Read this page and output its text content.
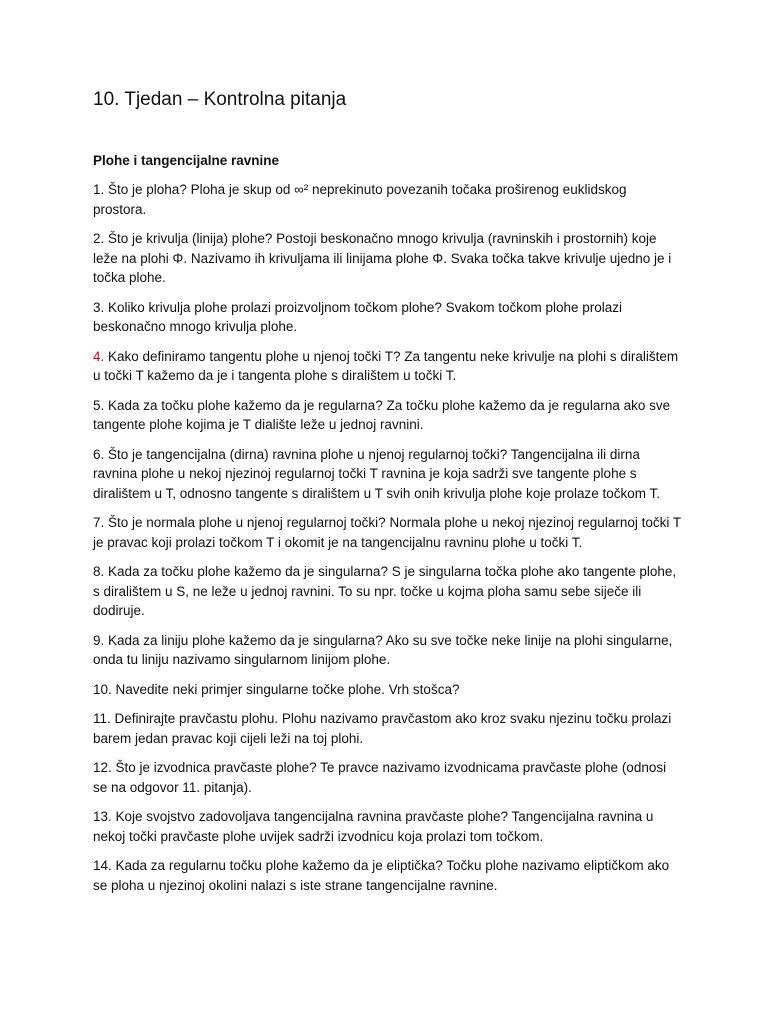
10. Tjedan – Kontrolna pitanja
Plohe i tangencijalne ravnine

1. Što je ploha? Ploha je skup od ∞² neprekinuto povezanih točaka proširenog euklidskog prostora.

2. Što je krivulja (linija) plohe? Postoji beskonačno mnogo krivulja (ravninskih i prostornih) koje leže na plohi Φ. Nazivamo ih krivuljama ili linijama plohe Φ. Svaka točka takve krivulje ujedno je i točka plohe.

3. Koliko krivulja plohe prolazi proizvoljnom točkom plohe? Svakom točkom plohe prolazi beskonačno mnogo krivulja plohe.

4. Kako definiramo tangentu plohe u njenoj točki T? Za tangentu neke krivulje na plohi s diralištem u točki T kažemo da je i tangenta plohe s diralištem u točki T.

5. Kada za točku plohe kažemo da je regularna? Za točku plohe kažemo da je regularna ako sve tangente plohe kojima je T dialište leže u jednoj ravnini.

6. Što je tangencijalna (dirna) ravnina plohe u njenoj regularnoj točki? Tangencijalna ili dirna ravnina plohe u nekoj njezinoj regularnoj točki T ravnina je koja sadrži sve tangente plohe s diralištem u T, odnosno tangente s diralištem u T svih onih krivulja plohe koje prolaze točkom T.

7. Što je normala plohe u njenoj regularnoj točki? Normala plohe u nekoj njezinoj regularnoj točki T je pravac koji prolazi točkom T i okomit je na tangencijalnu ravninu plohe u točki T.

8. Kada za točku plohe kažemo da je singularna? S je singularna točka plohe ako tangente plohe, s diralištem u S, ne leže u jednoj ravnini. To su npr. točke u kojma ploha samu sebe siječe ili dodiruje.

9. Kada za liniju plohe kažemo da je singularna? Ako su sve točke neke linije na plohi singularne, onda tu liniju nazivamo singularnom linijom plohe.

10. Navedite neki primjer singularne točke plohe. Vrh stošca?

11. Definirajte pravčastu plohu. Plohu nazivamo pravčastom ako kroz svaku njezinu točku prolazi barem jedan pravac koji cijeli leži na toj plohi.

12. Što je izvodnica pravčaste plohe? Te pravce nazivamo izvodnicama pravčaste plohe (odnosi se na odgovor 11. pitanja).

13. Koje svojstvo zadovoljava tangencijalna ravnina pravčaste plohe? Tangencijalna ravnina u nekoj točki pravčaste plohe uvijek sadrži izvodnicu koja prolazi tom točkom.

14. Kada za regularnu točku plohe kažemo da je eliptička? Točku plohe nazivamo eliptičkom ako se ploha u njezinoj okolini nalazi s iste strane tangencijalne ravnine.
